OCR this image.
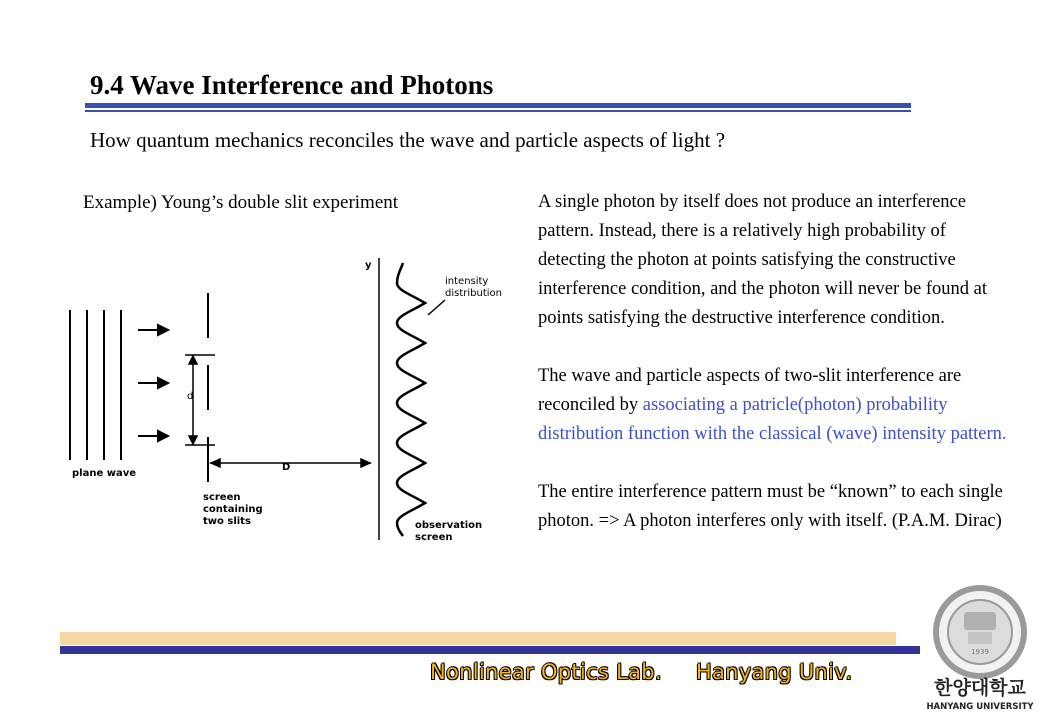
9.4 Wave Interference and Photons
How quantum mechanics reconciles the wave and particle aspects of light ?
Example) Young’s double slit experiment
d
D
y
intensity
distribution
plane wave
screen
containing
two slits	observation
screen

A single photon by itself does not produce an interference pattern. Instead, there is a relatively high probability of detecting the photon at points satisfying the constructive interference condition, and the photon will never be found at points satisfying the destructive interference condition.

The wave and particle aspects of two-slit interference are reconciled by associating a patricle(photon) probability distribution function with the classical (wave) intensity pattern.

The entire interference pattern must be “known” to each single photon. => A photon interferes only with itself. (P.A.M. Dirac)

Nonlinear Optics Lab. Hanyang Univ.
1939
한양대학교
HANYANG UNIVERSITY
